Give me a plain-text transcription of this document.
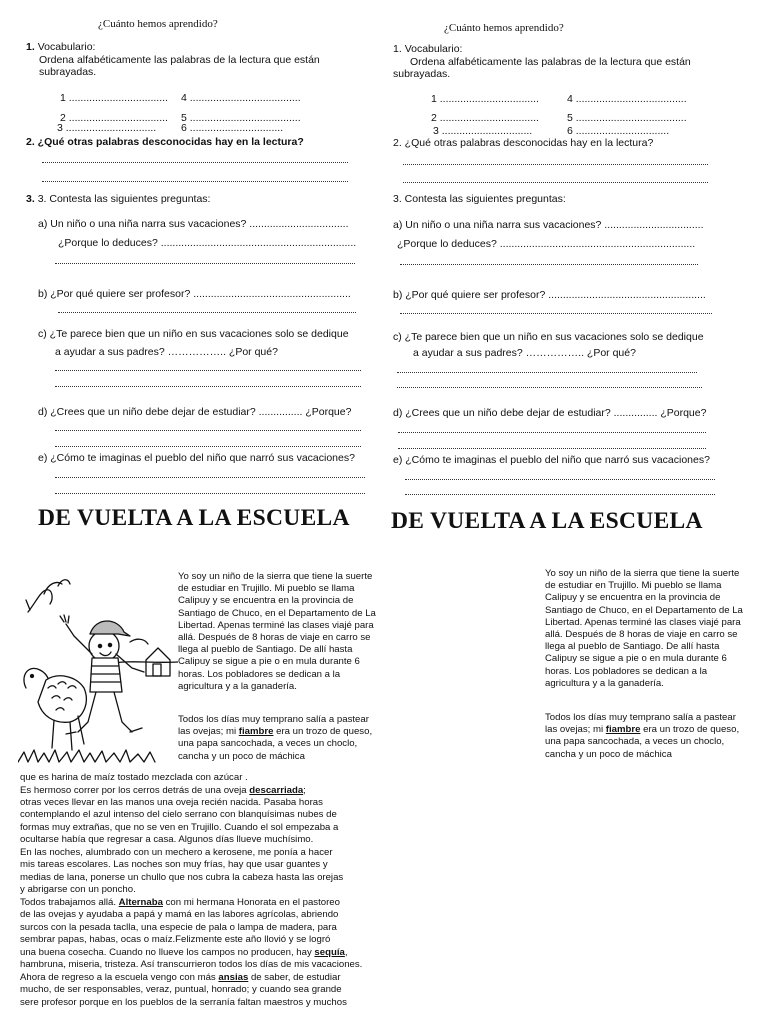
¿Cuánto hemos aprendido?
1. Vocabulario:
Ordena alfabéticamente las palabras de la lectura que están
subrayadas.
1 ..................................
2 ..................................
3 ...............................
4 ......................................
5 ......................................
6 ................................
2. ¿Qué otras palabras desconocidas hay en la lectura?
3. 3. Contesta las siguientes preguntas:
a) Un niño o una niña narra sus vacaciones? ..................................
¿Porque lo deduces? ...................................................................
b) ¿Por qué quiere ser profesor? ......................................................
c) ¿Te parece bien que un niño en sus vacaciones solo se dedique
a ayudar a sus padres? …………….. ¿Por qué?
d) ¿Crees que un niño debe dejar de estudiar? ............... ¿Porque?
e) ¿Cómo te imaginas el pueblo del niño que narró sus vacaciones?
¿Cuánto hemos aprendido?
1. Vocabulario:
Ordena alfabéticamente las palabras de la lectura que están
subrayadas.
1 ..................................
2 ..................................
3 ...............................
4 ......................................
5 ......................................
6 ................................
2. ¿Qué otras palabras desconocidas hay en la lectura?
3. Contesta las siguientes preguntas:
a) Un niño o una niña narra sus vacaciones? ..................................
¿Porque lo deduces? ...................................................................
b) ¿Por qué quiere ser profesor? ......................................................
c) ¿Te parece bien que un niño en sus vacaciones solo se dedique
a ayudar a sus padres? …………….. ¿Por qué?
d) ¿Crees que un niño debe dejar de estudiar? ............... ¿Porque?
e) ¿Cómo te imaginas el pueblo del niño que narró sus vacaciones?
DE VUELTA A LA ESCUELA DE VUELTA A LA ESCUELA
Yo soy un niño de la sierra que tiene la suerte de estudiar en Trujillo. Mi pueblo se llama Calipuy y se encuentra en la provincia de Santiago de Chuco, en el Departamento de La Libertad. Apenas terminé las clases viajé para allá. Después de 8 horas de viaje en carro se llega al pueblo de Santiago. De allí hasta Calipuy se sigue a pie o en mula durante 6 horas. Los pobladores se dedican a la agricultura y a la ganadería.
Todos los días muy temprano salía a pastear las ovejas; mi fiambre era un trozo de queso, una papa sancochada, a veces un choclo, cancha y un poco de máchica
que es harina de maíz tostado mezclada con azúcar .
Es hermoso correr por los cerros detrás de una oveja descarriada;
otras veces llevar en las manos una oveja recién nacida. Pasaba horas
contemplando el azul intenso del cielo serrano con blanquísimas nubes de
formas muy extrañas, que no se ven en Trujillo. Cuando el sol empezaba a
ocultarse había que regresar a casa. Algunos días llueve muchísimo.
En las noches, alumbrado con un mechero a kerosene, me ponía a hacer
mis tareas escolares. Las noches son muy frías, hay que usar guantes y
medias de lana, ponerse un chullo que nos cubra la cabeza hasta las orejas
y abrigarse con un poncho.
Todos trabajamos allá. Alternaba con mi hermana Honorata en el pastoreo
de las ovejas y ayudaba a papá y mamá en las labores agrícolas, abriendo
surcos con la pesada taclla, una especie de pala o lampa de madera, para
sembrar papas, habas, ocas o maíz.Felizmente este año llovió y se logró
una buena cosecha. Cuando no llueve los campos no producen, hay sequía,
hambruna, miseria, tristeza. Así transcurrieron todos los días de mis vacaciones.
Ahora de regreso a la escuela vengo con más ansias de saber, de estudiar
mucho, de ser responsables, veraz, puntual, honrado; y cuando sea grande
sere profesor porque en los pueblos de la serranía faltan maestros y muchos
Yo soy un niño de la sierra que tiene la suerte de estudiar en Trujillo. Mi pueblo se llama Calipuy y se encuentra en la provincia de Santiago de Chuco, en el Departamento de La Libertad. Apenas terminé las clases viajé para allá. Después de 8 horas de viaje en carro se llega al pueblo de Santiago. De allí hasta Calipuy se sigue a pie o en mula durante 6 horas. Los pobladores se dedican a la agricultura y a la ganadería.
Todos los días muy temprano salía a pastear las ovejas; mi fiambre era un trozo de queso, una papa sancochada, a veces un choclo, cancha y un poco de máchica
